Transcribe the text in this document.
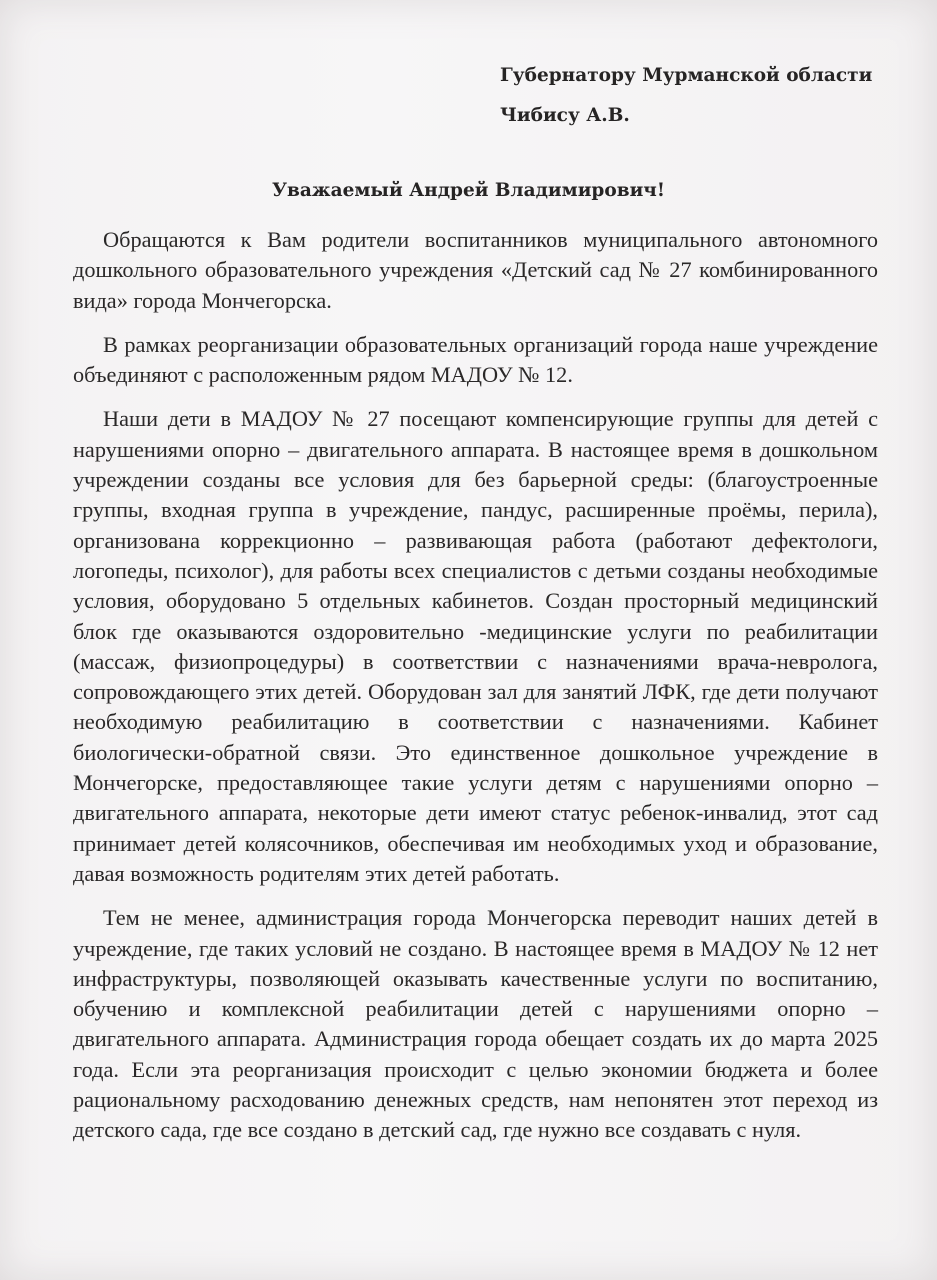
Губернатору Мурманской области
Чибису А.В.
Уважаемый Андрей Владимирович!

Обращаются к Вам родители воспитанников муниципального автономного дошкольного образовательного учреждения «Детский сад № 27 комбинированного вида» города Мончегорска.

В рамках реорганизации образовательных организаций города наше учреждение объединяют с расположенным рядом МАДОУ № 12.

Наши дети в МАДОУ № 27 посещают компенсирующие группы для детей с нарушениями опорно – двигательного аппарата. В настоящее время в дошкольном учреждении созданы все условия для без барьерной среды: (благоустроенные группы, входная группа в учреждение, пандус, расширенные проёмы, перила), организована коррекционно – развивающая работа (работают дефектологи, логопеды, психолог), для работы всех специалистов с детьми созданы необходимые условия, оборудовано 5 отдельных кабинетов. Создан просторный медицинский блок где оказываются оздоровительно -медицинские услуги по реабилитации (массаж, физиопроцедуры) в соответствии с назначениями врача-невролога, сопровождающего этих детей. Оборудован зал для занятий ЛФК, где дети получают необходимую реабилитацию в соответствии с назначениями. Кабинет биологически-обратной связи. Это единственное дошкольное учреждение в Мончегорске, предоставляющее такие услуги детям с нарушениями опорно – двигательного аппарата, некоторые дети имеют статус ребенок-инвалид, этот сад принимает детей колясочников, обеспечивая им необходимых уход и образование, давая возможность родителям этих детей работать.

Тем не менее, администрация города Мончегорска переводит наших детей в учреждение, где таких условий не создано. В настоящее время в МАДОУ № 12 нет инфраструктуры, позволяющей оказывать качественные услуги по воспитанию, обучению и комплексной реабилитации детей с нарушениями опорно – двигательного аппарата. Администрация города обещает создать их до марта 2025 года. Если эта реорганизация происходит с целью экономии бюджета и более рациональному расходованию денежных средств, нам непонятен этот переход из детского сада, где все создано в детский сад, где нужно все создавать с нуля.
